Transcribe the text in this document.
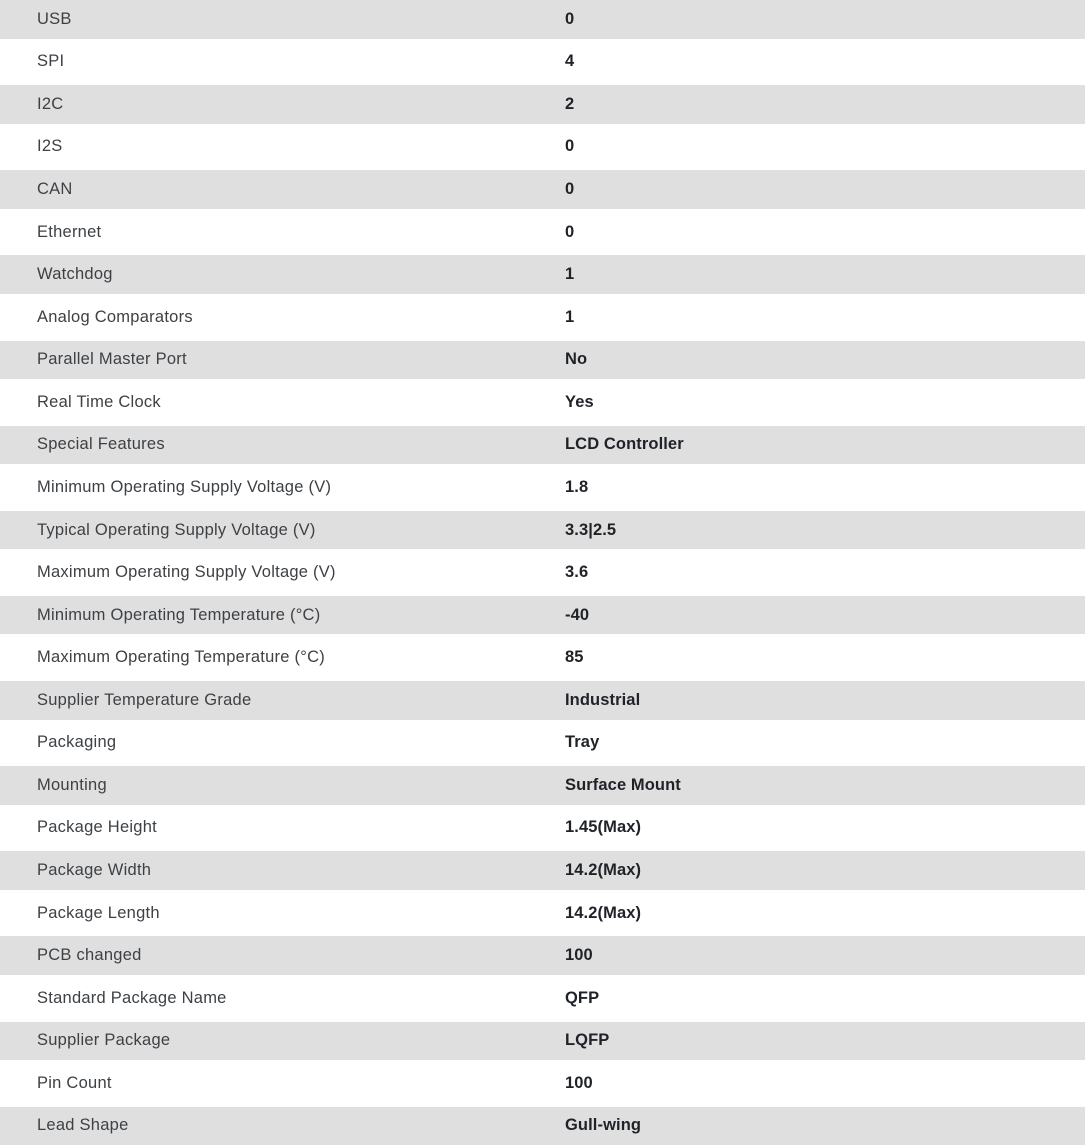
USB	0
SPI	4
I2C	2
I2S	0
CAN	0
Ethernet	0
Watchdog	1
Analog Comparators	1
Parallel Master Port	No
Real Time Clock	Yes
Special Features	LCD Controller
Minimum Operating Supply Voltage (V)	1.8
Typical Operating Supply Voltage (V)	3.3|2.5
Maximum Operating Supply Voltage (V)	3.6
Minimum Operating Temperature (°C)	-40
Maximum Operating Temperature (°C)	85
Supplier Temperature Grade	Industrial
Packaging	Tray
Mounting	Surface Mount
Package Height	1.45(Max)
Package Width	14.2(Max)
Package Length	14.2(Max)
PCB changed	100
Standard Package Name	QFP
Supplier Package	LQFP
Pin Count	100
Lead Shape	Gull-wing
